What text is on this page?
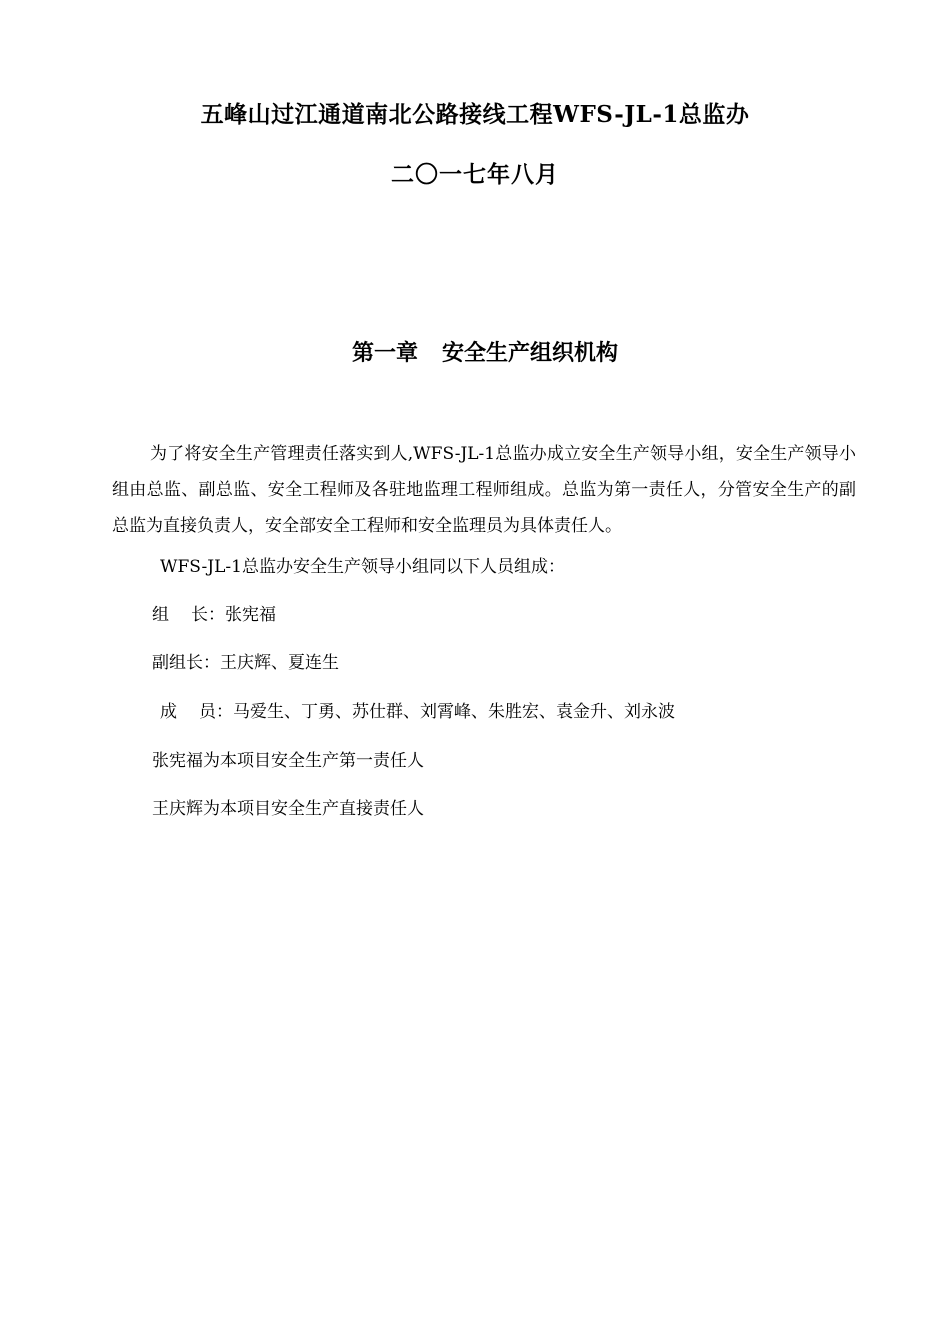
五峰山过江通道南北公路接线工程WFS-JL-1总监办
二〇一七年八月
第一章 安全生产组织机构
为了将安全生产管理责任落实到人,WFS-JL-1总监办成立安全生产领导小组，安全生产领导小组由总监、副总监、安全工程师及各驻地监理工程师组成。总监为第一责任人，分管安全生产的副总监为直接负责人，安全部安全工程师和安全监理员为具体责任人。
WFS-JL-1总监办安全生产领导小组同以下人员组成：
组 长：张宪福
副组长：王庆辉、夏连生
成 员：马爱生、丁勇、苏仕群、刘霄峰、朱胜宏、袁金升、刘永波
张宪福为本项目安全生产第一责任人
王庆辉为本项目安全生产直接责任人
